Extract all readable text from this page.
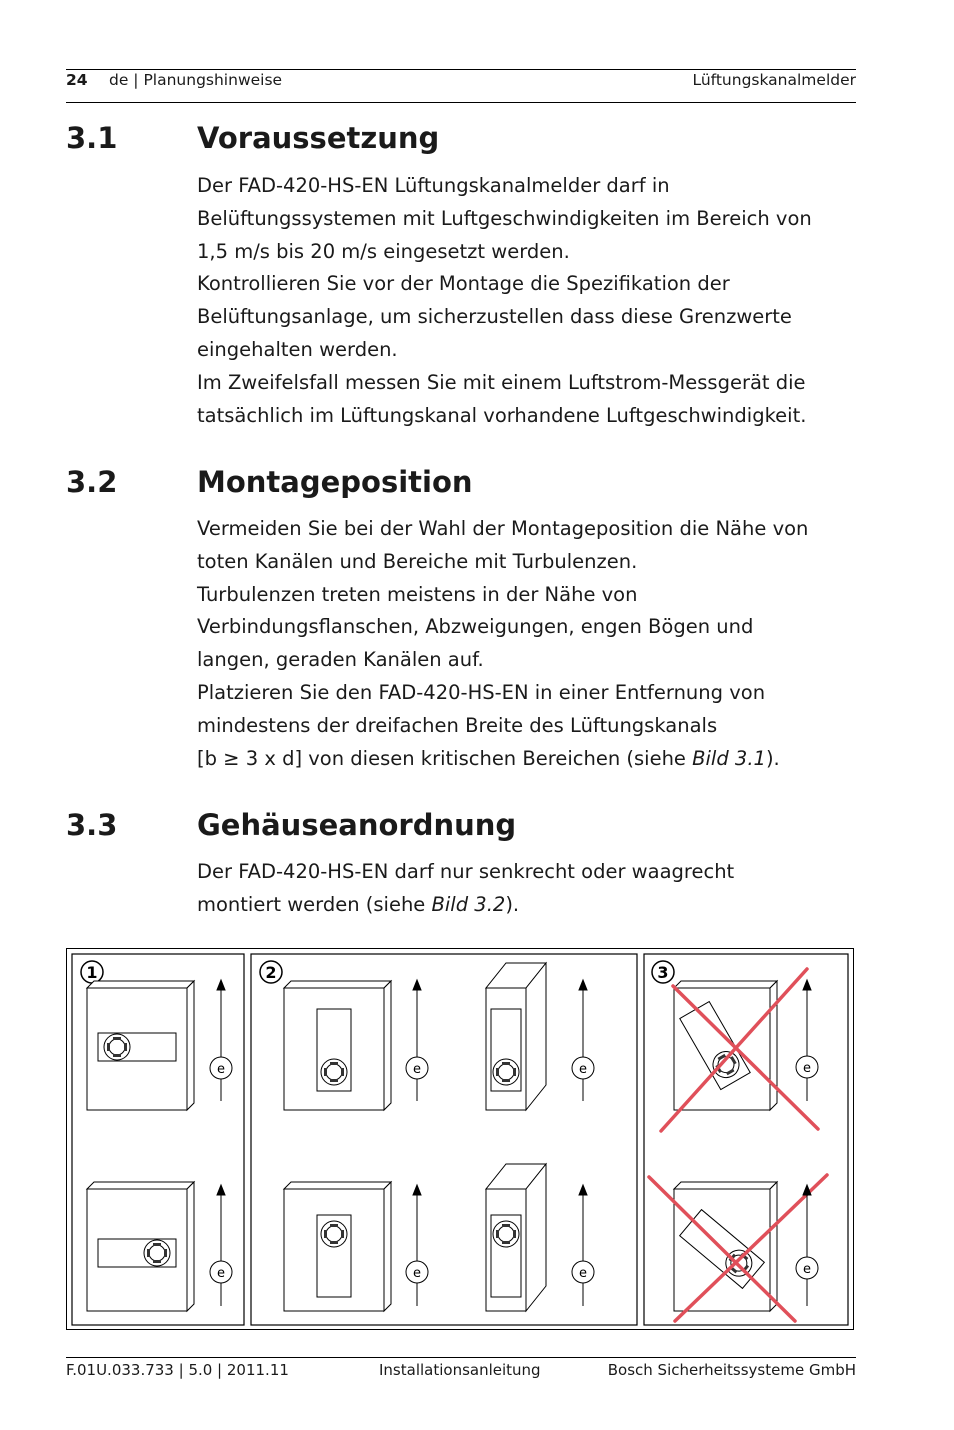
24 de | Planungshinweise	Lüftungskanalmelder
3.1	Voraussetzung
Der FAD-420-HS-EN Lüftungskanalmelder darf in
Belüftungssystemen mit Luftgeschwindigkeiten im Bereich von
1,5 m/s bis 20 m/s eingesetzt werden.
Kontrollieren Sie vor der Montage die Spezifikation der
Belüftungsanlage, um sicherzustellen dass diese Grenzwerte
eingehalten werden.
Im Zweifelsfall messen Sie mit einem Luftstrom-Messgerät die
tatsächlich im Lüftungskanal vorhandene Luftgeschwindigkeit.
3.2	Montageposition
Vermeiden Sie bei der Wahl der Montageposition die Nähe von
toten Kanälen und Bereiche mit Turbulenzen.
Turbulenzen treten meistens in der Nähe von
Verbindungsflanschen, Abzweigungen, engen Bögen und
langen, geraden Kanälen auf.
Platzieren Sie den FAD-420-HS-EN in einer Entfernung von
mindestens der dreifachen Breite des Lüftungskanals
[b ≥ 3 x d] von diesen kritischen Bereichen (siehe Bild 3.1).
3.3	Gehäuseanordnung
Der FAD-420-HS-EN darf nur senkrecht oder waagrecht
montiert werden (siehe Bild 3.2).
1	2	3
e
e
e
e
e
e
e
e
F.01U.033.733 | 5.0 | 2011.11	Installationsanleitung	Bosch Sicherheitssysteme GmbH
